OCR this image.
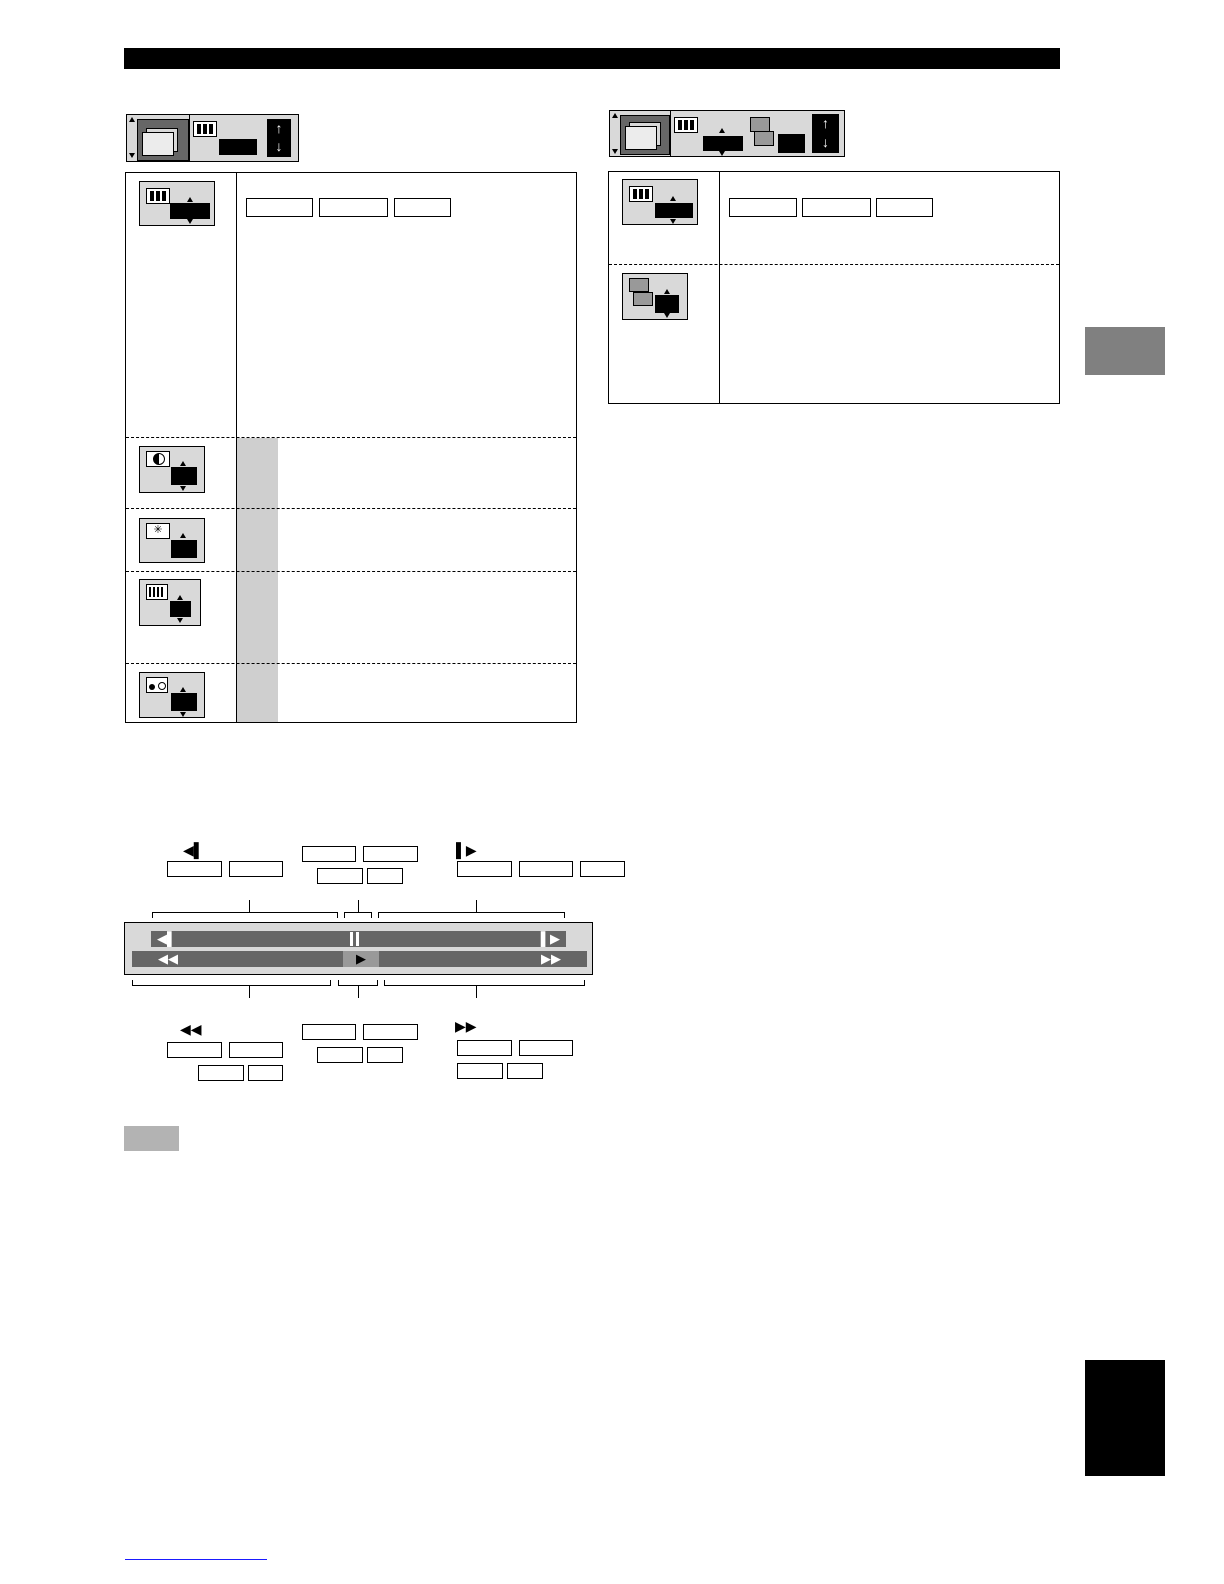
↑
↓
✳
↑
↓
◀▌	▌▶
◀▌	▌▶
◀◀	▶	▶▶
◀◀	▶▶
